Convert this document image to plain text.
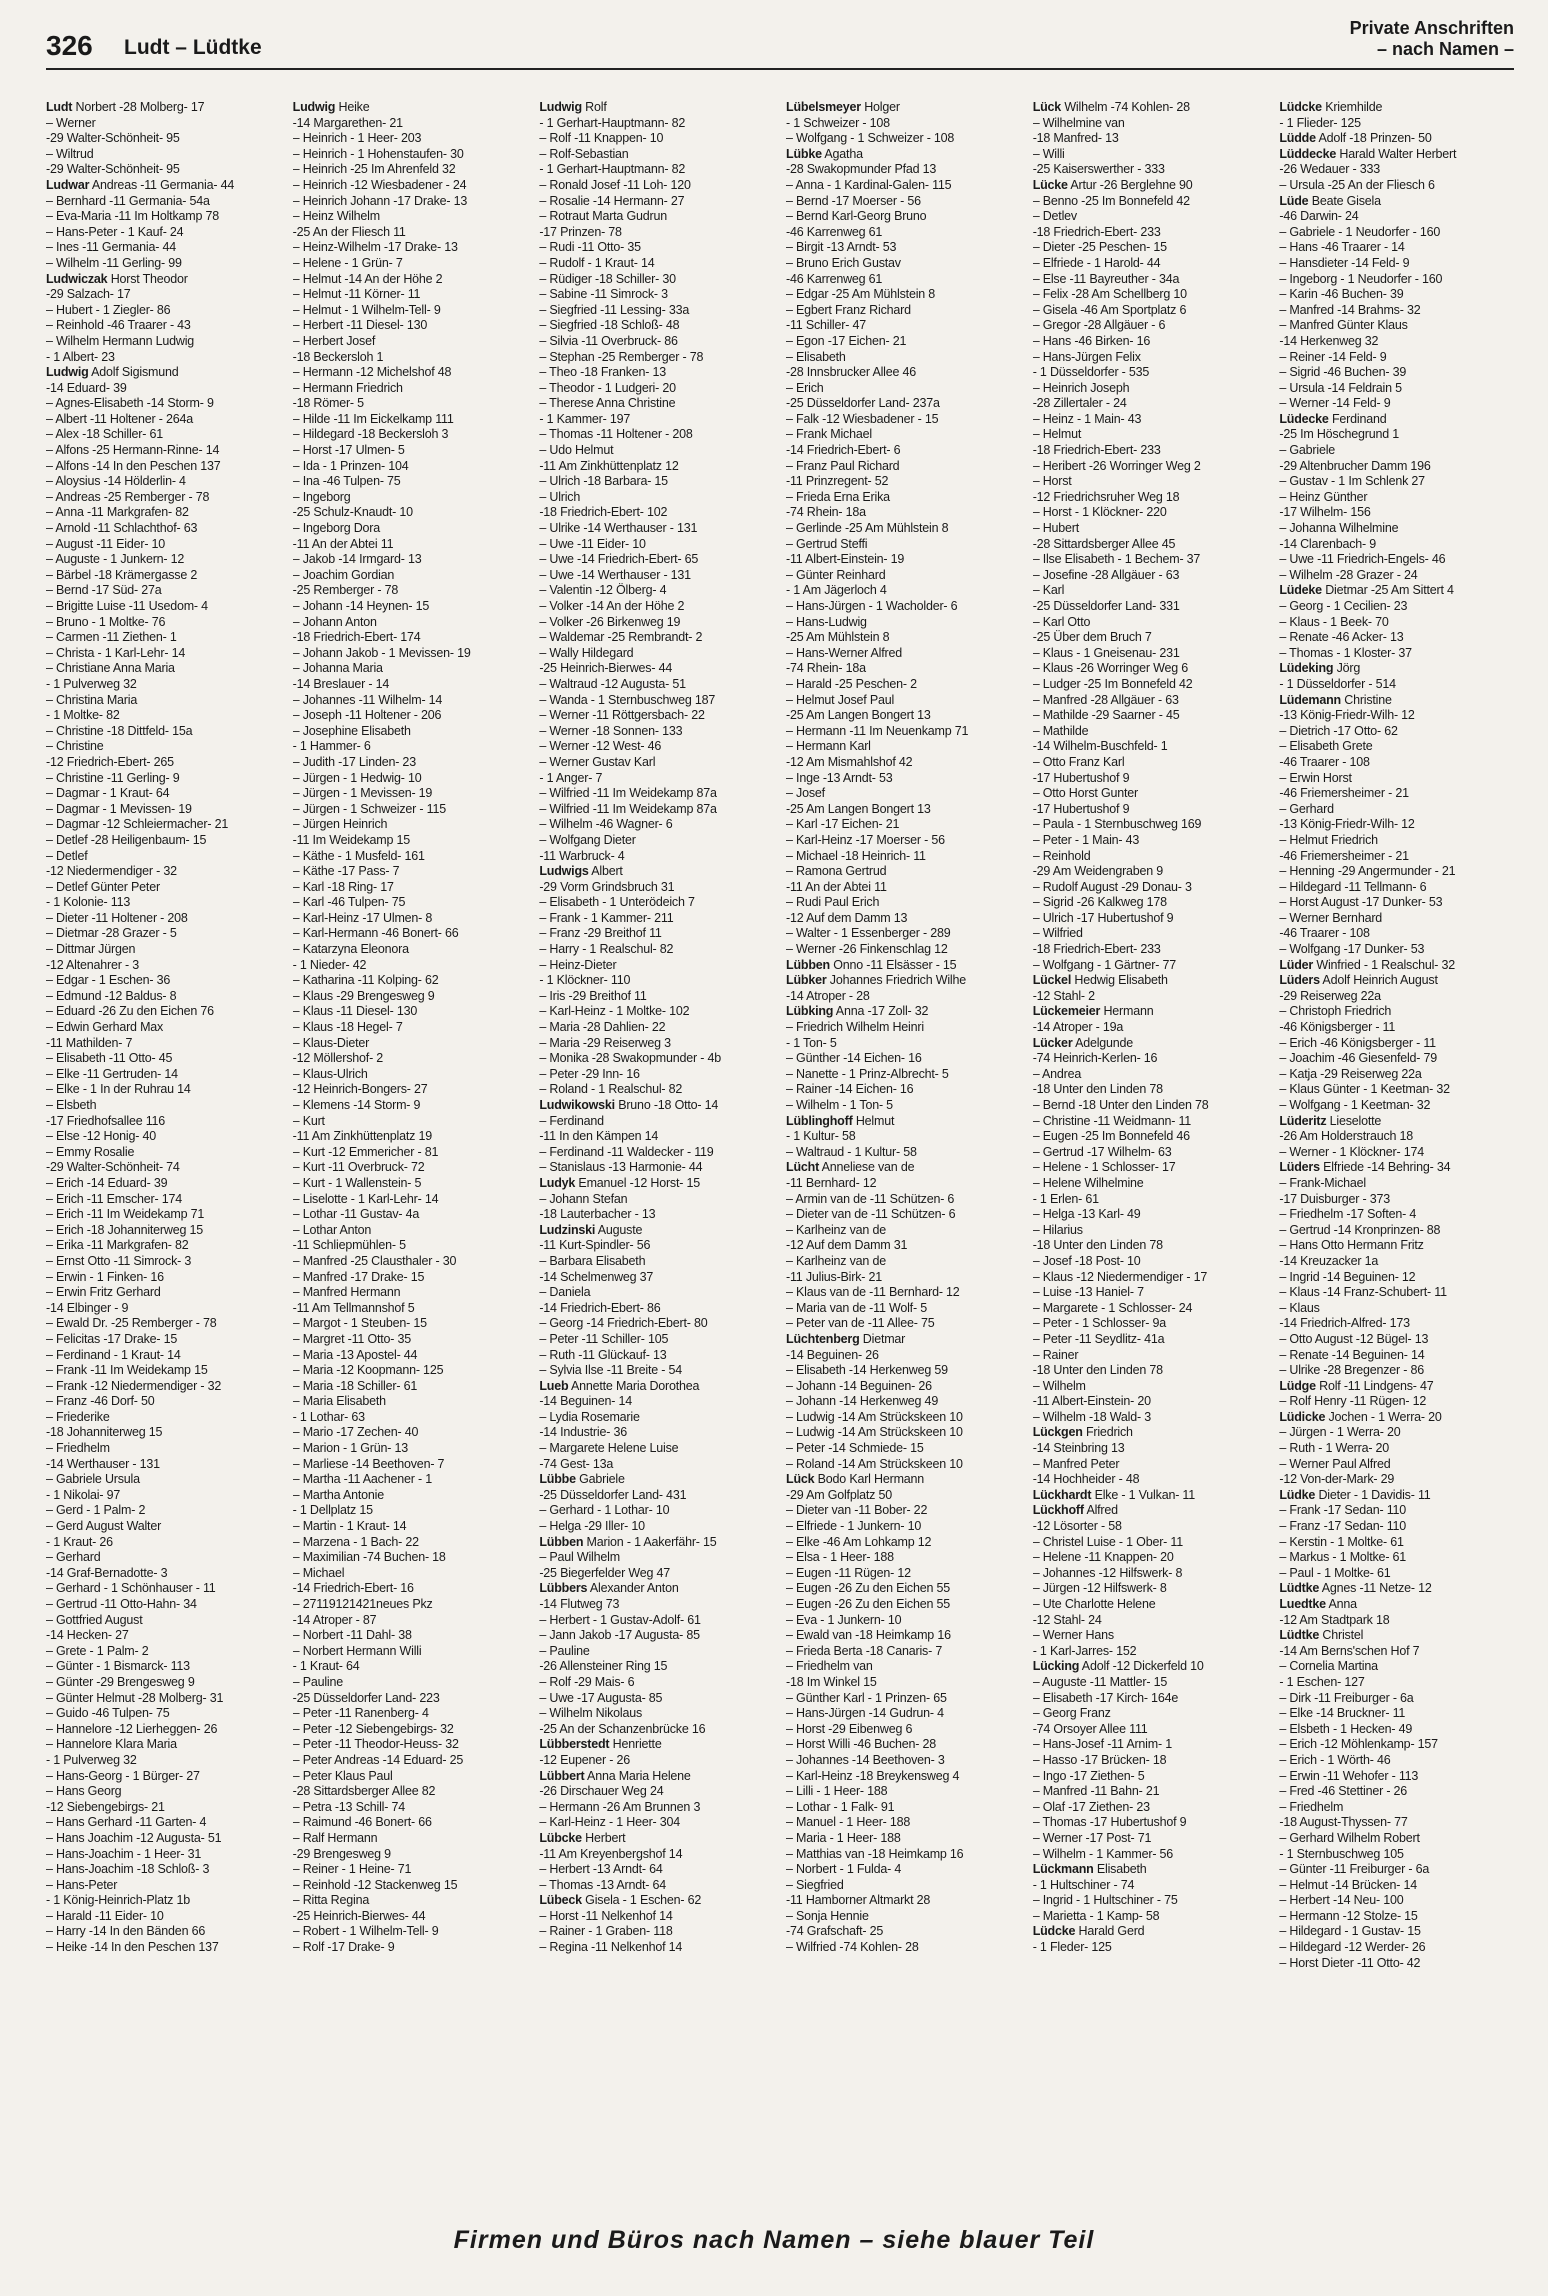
326 Ludt – Lüdtke
Private Anschriften
– nach Namen –
Ludt Norbert -28 Molberg- 17
– Werner
-29 Walter-Schönheit- 95
– Wiltrud
-29 Walter-Schönheit- 95
Ludwar Andreas -11 Germania- 44
– Bernhard -11 Germania- 54a
– Eva-Maria -11 Im Holtkamp 78
– Hans-Peter - 1 Kauf- 24
– Ines -11 Germania- 44
– Wilhelm -11 Gerling- 99
Ludwiczak Horst Theodor
-29 Salzach- 17
– Hubert - 1 Ziegler- 86
– Reinhold -46 Traarer - 43
– Wilhelm Hermann Ludwig
- 1 Albert- 23
Ludwig Adolf Sigismund
-14 Eduard- 39
– Agnes-Elisabeth -14 Storm- 9
– Albert -11 Holtener - 264a
– Alex -18 Schiller- 61
– Alfons -25 Hermann-Rinne- 14
– Alfons -14 In den Peschen 137
– Aloysius -14 Hölderlin- 4
– Andreas -25 Remberger - 78
– Anna -11 Markgrafen- 82
– Arnold -11 Schlachthof- 63
– August -11 Eider- 10
– Auguste - 1 Junkern- 12
– Bärbel -18 Krämergasse 2
– Bernd -17 Süd- 27a
– Brigitte Luise -11 Usedom- 4
– Bruno - 1 Moltke- 76
– Carmen -11 Ziethen- 1
– Christa - 1 Karl-Lehr- 14
– Christiane Anna Maria
- 1 Pulverweg 32
– Christina Maria
- 1 Moltke- 82
– Christine -18 Dittfeld- 15a
– Christine
-12 Friedrich-Ebert- 265
– Christine -11 Gerling- 9
– Dagmar - 1 Kraut- 64
– Dagmar - 1 Mevissen- 19
– Dagmar -12 Schleiermacher- 21
– Detlef -28 Heiligenbaum- 15
– Detlef
-12 Niedermendiger - 32
– Detlef Günter Peter
- 1 Kolonie- 113
– Dieter -11 Holtener - 208
– Dietmar -28 Grazer - 5
– Dittmar Jürgen
-12 Altenahrer - 3
– Edgar - 1 Eschen- 36
– Edmund -12 Baldus- 8
– Eduard -26 Zu den Eichen 76
– Edwin Gerhard Max
-11 Mathilden- 7
– Elisabeth -11 Otto- 45
– Elke -11 Gertruden- 14
– Elke - 1 In der Ruhrau 14
– Elsbeth
-17 Friedhofsallee 116
– Else -12 Honig- 40
– Emmy Rosalie
-29 Walter-Schönheit- 74
– Erich -14 Eduard- 39
– Erich -11 Emscher- 174
– Erich -11 Im Weidekamp 71
– Erich -18 Johanniterweg 15
– Erika -11 Markgrafen- 82
– Ernst Otto -11 Simrock- 3
– Erwin - 1 Finken- 16
– Erwin Fritz Gerhard
-14 Elbinger - 9
– Ewald Dr. -25 Remberger - 78
– Felicitas -17 Drake- 15
– Ferdinand - 1 Kraut- 14
– Frank -11 Im Weidekamp 15
– Frank -12 Niedermendiger - 32
– Franz -46 Dorf- 50
– Friederike
-18 Johanniterweg 15
– Friedhelm
-14 Werthauser - 131
– Gabriele Ursula
- 1 Nikolai- 97
– Gerd - 1 Palm- 2
– Gerd August Walter
- 1 Kraut- 26
– Gerhard
-14 Graf-Bernadotte- 3
– Gerhard - 1 Schönhauser - 11
– Gertrud -11 Otto-Hahn- 34
– Gottfried August
-14 Hecken- 27
– Grete - 1 Palm- 2
– Günter - 1 Bismarck- 113
– Günter -29 Brengesweg 9
– Günter Helmut -28 Molberg- 31
– Guido -46 Tulpen- 75
– Hannelore -12 Lierheggen- 26
– Hannelore Klara Maria
- 1 Pulverweg 32
– Hans-Georg - 1 Bürger- 27
– Hans Georg
-12 Siebengebirgs- 21
– Hans Gerhard -11 Garten- 4
– Hans Joachim -12 Augusta- 51
– Hans-Joachim - 1 Heer- 31
– Hans-Joachim -18 Schloß- 3
– Hans-Peter
- 1 König-Heinrich-Platz 1b
– Harald -11 Eider- 10
– Harry -14 In den Bänden 66
– Heike -14 In den Peschen 137
Ludwig Heike
-14 Margarethen- 21
– Heinrich - 1 Heer- 203
– Heinrich - 1 Hohenstaufen- 30
– Heinrich -25 Im Ahrenfeld 32
– Heinrich -12 Wiesbadener - 24
– Heinrich Johann -17 Drake- 13
– Heinz Wilhelm
-25 An der Fliesch 11
– Heinz-Wilhelm -17 Drake- 13
– Helene - 1 Grün- 7
– Helmut -14 An der Höhe 2
– Helmut -11 Körner- 11
– Helmut - 1 Wilhelm-Tell- 9
– Herbert -11 Diesel- 130
– Herbert Josef
-18 Beckersloh 1
– Hermann -12 Michelshof 48
– Hermann Friedrich
-18 Römer- 5
– Hilde -11 Im Eickelkamp 111
– Hildegard -18 Beckersloh 3
– Horst -17 Ulmen- 5
– Ida - 1 Prinzen- 104
– Ina -46 Tulpen- 75
– Ingeborg
-25 Schulz-Knaudt- 10
– Ingeborg Dora
-11 An der Abtei 11
– Jakob -14 Irmgard- 13
– Joachim Gordian
-25 Remberger - 78
– Johann -14 Heynen- 15
– Johann Anton
-18 Friedrich-Ebert- 174
– Johann Jakob - 1 Mevissen- 19
– Johanna Maria
-14 Breslauer - 14
– Johannes -11 Wilhelm- 14
– Joseph -11 Holtener - 206
– Josephine Elisabeth
- 1 Hammer- 6
– Judith -17 Linden- 23
– Jürgen - 1 Hedwig- 10
– Jürgen - 1 Mevissen- 19
– Jürgen - 1 Schweizer - 115
– Jürgen Heinrich
-11 Im Weidekamp 15
– Käthe - 1 Musfeld- 161
– Käthe -17 Pass- 7
– Karl -18 Ring- 17
– Karl -46 Tulpen- 75
– Karl-Heinz -17 Ulmen- 8
– Karl-Hermann -46 Bonert- 66
– Katarzyna Eleonora
- 1 Nieder- 42
– Katharina -11 Kolping- 62
– Klaus -29 Brengesweg 9
– Klaus -11 Diesel- 130
– Klaus -18 Hegel- 7
– Klaus-Dieter
-12 Möllershof- 2
– Klaus-Ulrich
-12 Heinrich-Bongers- 27
– Klemens -14 Storm- 9
– Kurt
-11 Am Zinkhüttenplatz 19
– Kurt -12 Emmericher - 81
– Kurt -11 Overbruck- 72
– Kurt - 1 Wallenstein- 5
– Liselotte - 1 Karl-Lehr- 14
– Lothar -11 Gustav- 4a
– Lothar Anton
-11 Schliepmühlen- 5
– Manfred -25 Clausthaler - 30
– Manfred -17 Drake- 15
– Manfred Hermann
-11 Am Tellmannshof 5
– Margot - 1 Steuben- 15
– Margret -11 Otto- 35
– Maria -13 Apostel- 44
– Maria -12 Koopmann- 125
– Maria -18 Schiller- 61
– Maria Elisabeth
- 1 Lothar- 63
– Mario -17 Zechen- 40
– Marion - 1 Grün- 13
– Marliese -14 Beethoven- 7
– Martha -11 Aachener - 1
– Martha Antonie
- 1 Dellplatz 15
– Martin - 1 Kraut- 14
– Marzena - 1 Bach- 22
– Maximilian -74 Buchen- 18
– Michael
-14 Friedrich-Ebert- 16
– 27119121421neues Pkz
-14 Atroper - 87
– Norbert -11 Dahl- 38
– Norbert Hermann Willi
- 1 Kraut- 64
– Pauline
-25 Düsseldorfer Land- 223
– Peter -11 Ranenberg- 4
– Peter -12 Siebengebirgs- 32
– Peter -11 Theodor-Heuss- 32
– Peter Andreas -14 Eduard- 25
– Peter Klaus Paul
-28 Sittardsberger Allee 82
– Petra -13 Schill- 74
– Raimund -46 Bonert- 66
– Ralf Hermann
-29 Brengesweg 9
– Reiner - 1 Heine- 71
– Reinhold -12 Stackenweg 15
– Ritta Regina
-25 Heinrich-Bierwes- 44
– Robert - 1 Wilhelm-Tell- 9
– Rolf -17 Drake- 9
Ludwig Rolf
- 1 Gerhart-Hauptmann- 82
– Rolf -11 Knappen- 10
– Rolf-Sebastian
- 1 Gerhart-Hauptmann- 82
– Ronald Josef -11 Loh- 120
– Rosalie -14 Hermann- 27
– Rotraut Marta Gudrun
-17 Prinzen- 78
– Rudi -11 Otto- 35
– Rudolf - 1 Kraut- 14
– Rüdiger -18 Schiller- 30
– Sabine -11 Simrock- 3
– Siegfried -11 Lessing- 33a
– Siegfried -18 Schloß- 48
– Silvia -11 Overbruck- 86
– Stephan -25 Remberger - 78
– Theo -18 Franken- 13
– Theodor - 1 Ludgeri- 20
– Therese Anna Christine
- 1 Kammer- 197
– Thomas -11 Holtener - 208
– Udo Helmut
-11 Am Zinkhüttenplatz 12
– Ulrich -18 Barbara- 15
– Ulrich
-18 Friedrich-Ebert- 102
– Ulrike -14 Werthauser - 131
– Uwe -11 Eider- 10
– Uwe -14 Friedrich-Ebert- 65
– Uwe -14 Werthauser - 131
– Valentin -12 Ölberg- 4
– Volker -14 An der Höhe 2
– Volker -26 Birkenweg 19
– Waldemar -25 Rembrandt- 2
– Wally Hildegard
-25 Heinrich-Bierwes- 44
– Waltraud -12 Augusta- 51
– Wanda - 1 Sternbuschweg 187
– Werner -11 Röttgersbach- 22
– Werner -18 Sonnen- 133
– Werner -12 West- 46
– Werner Gustav Karl
- 1 Anger- 7
– Wilfried -11 Im Weidekamp 87a
– Wilfried -11 Im Weidekamp 87a
– Wilhelm -46 Wagner- 6
– Wolfgang Dieter
-11 Warbruck- 4
Ludwigs Albert
-29 Vorm Grindsbruch 31
– Elisabeth - 1 Unterödeich 7
– Frank - 1 Kammer- 211
– Franz -29 Breithof 11
– Harry - 1 Realschul- 82
– Heinz-Dieter
- 1 Klöckner- 110
– Iris -29 Breithof 11
– Karl-Heinz - 1 Moltke- 102
– Maria -28 Dahlien- 22
– Maria -29 Reiserweg 3
– Monika -28 Swakopmunder - 4b
– Peter -29 Inn- 16
– Roland - 1 Realschul- 82
Ludwikowski Bruno -18 Otto- 14
– Ferdinand
-11 In den Kämpen 14
– Ferdinand -11 Waldecker - 119
– Stanislaus -13 Harmonie- 44
Ludyk Emanuel -12 Horst- 15
– Johann Stefan
-18 Lauterbacher - 13
Ludzinski Auguste
-11 Kurt-Spindler- 56
– Barbara Elisabeth
-14 Schelmenweg 37
– Daniela
-14 Friedrich-Ebert- 86
– Georg -14 Friedrich-Ebert- 80
– Peter -11 Schiller- 105
– Ruth -11 Glückauf- 13
– Sylvia Ilse -11 Breite - 54
Lueb Annette Maria Dorothea
-14 Beguinen- 14
– Lydia Rosemarie
-14 Industrie- 36
– Margarete Helene Luise
-74 Gest- 13a
Lübbe Gabriele
-25 Düsseldorfer Land- 431
– Gerhard - 1 Lothar- 10
– Helga -29 Iller- 10
Lübben Marion - 1 Aakerfähr- 15
– Paul Wilhelm
-25 Biegerfelder Weg 47
Lübbers Alexander Anton
-14 Flutweg 73
– Herbert - 1 Gustav-Adolf- 61
– Jann Jakob -17 Augusta- 85
– Pauline
-26 Allensteiner Ring 15
– Rolf -29 Mais- 6
– Uwe -17 Augusta- 85
– Wilhelm Nikolaus
-25 An der Schanzenbrücke 16
Lübberstedt Henriette
-12 Eupener - 26
Lübbert Anna Maria Helene
-26 Dirschauer Weg 24
– Hermann -26 Am Brunnen 3
– Karl-Heinz - 1 Heer- 304
Lübcke Herbert
-11 Am Kreyenbergshof 14
– Herbert -13 Arndt- 64
– Thomas -13 Arndt- 64
Lübeck Gisela - 1 Eschen- 62
– Horst -11 Nelkenhof 14
– Rainer - 1 Graben- 118
– Regina -11 Nelkenhof 14
Lübelsmeyer Holger
- 1 Schweizer - 108
– Wolfgang - 1 Schweizer - 108
Lübke Agatha
-28 Swakopmunder Pfad 13
– Anna - 1 Kardinal-Galen- 115
– Bernd -17 Moerser - 56
– Bernd Karl-Georg Bruno
-46 Karrenweg 61
– Birgit -13 Arndt- 53
– Bruno Erich Gustav
-46 Karrenweg 61
– Edgar -25 Am Mühlstein 8
– Egbert Franz Richard
-11 Schiller- 47
– Egon -17 Eichen- 21
– Elisabeth
-28 Innsbrucker Allee 46
– Erich
-25 Düsseldorfer Land- 237a
– Falk -12 Wiesbadener - 15
– Frank Michael
-14 Friedrich-Ebert- 6
– Franz Paul Richard
-11 Prinzregent- 52
– Frieda Erna Erika
-74 Rhein- 18a
– Gerlinde -25 Am Mühlstein 8
– Gertrud Steffi
-11 Albert-Einstein- 19
– Günter Reinhard
- 1 Am Jägerloch 4
– Hans-Jürgen - 1 Wacholder- 6
– Hans-Ludwig
-25 Am Mühlstein 8
– Hans-Werner Alfred
-74 Rhein- 18a
– Harald -25 Peschen- 2
– Helmut Josef Paul
-25 Am Langen Bongert 13
– Hermann -11 Im Neuenkamp 71
– Hermann Karl
-12 Am Mismahlshof 42
– Inge -13 Arndt- 53
– Josef
-25 Am Langen Bongert 13
– Karl -17 Eichen- 21
– Karl-Heinz -17 Moerser - 56
– Michael -18 Heinrich- 11
– Ramona Gertrud
-11 An der Abtei 11
– Rudi Paul Erich
-12 Auf dem Damm 13
– Walter - 1 Essenberger - 289
– Werner -26 Finkenschlag 12
Lübben Onno -11 Elsässer - 15
Lübker Johannes Friedrich Wilhe
-14 Atroper - 28
Lübking Anna -17 Zoll- 32
– Friedrich Wilhelm Heinri
- 1 Ton- 5
– Günther -14 Eichen- 16
– Nanette - 1 Prinz-Albrecht- 5
– Rainer -14 Eichen- 16
– Wilhelm - 1 Ton- 5
Lüblinghoff Helmut
- 1 Kultur- 58
– Waltraud - 1 Kultur- 58
Lücht Anneliese van de
-11 Bernhard- 12
– Armin van de -11 Schützen- 6
– Dieter van de -11 Schützen- 6
– Karlheinz van de
-12 Auf dem Damm 31
– Karlheinz van de
-11 Julius-Birk- 21
– Klaus van de -11 Bernhard- 12
– Maria van de -11 Wolf- 5
– Peter van de -11 Allee- 75
Lüchtenberg Dietmar
-14 Beguinen- 26
– Elisabeth -14 Herkenweg 59
– Johann -14 Beguinen- 26
– Johann -14 Herkenweg 49
– Ludwig -14 Am Strückskeen 10
– Ludwig -14 Am Strückskeen 10
– Peter -14 Schmiede- 15
– Roland -14 Am Strückskeen 10
Lück Bodo Karl Hermann
-29 Am Golfplatz 50
– Dieter van -11 Bober- 22
– Elfriede - 1 Junkern- 10
– Elke -46 Am Lohkamp 12
– Elsa - 1 Heer- 188
– Eugen -11 Rügen- 12
– Eugen -26 Zu den Eichen 55
– Eugen -26 Zu den Eichen 55
– Eva - 1 Junkern- 10
– Ewald van -18 Heimkamp 16
– Frieda Berta -18 Canaris- 7
– Friedhelm van
-18 Im Winkel 15
– Günther Karl - 1 Prinzen- 65
– Hans-Jürgen -14 Gudrun- 4
– Horst -29 Eibenweg 6
– Horst Willi -46 Buchen- 28
– Johannes -14 Beethoven- 3
– Karl-Heinz -18 Breykensweg 4
– Lilli - 1 Heer- 188
– Lothar - 1 Falk- 91
– Manuel - 1 Heer- 188
– Maria - 1 Heer- 188
– Matthias van -18 Heimkamp 16
– Norbert - 1 Fulda- 4
– Siegfried
-11 Hamborner Altmarkt 28
– Sonja Hennie
-74 Grafschaft- 25
– Wilfried -74 Kohlen- 28
Lück Wilhelm -74 Kohlen- 28
– Wilhelmine van
-18 Manfred- 13
– Willi
-25 Kaiserswerther - 333
Lücke Artur -26 Berglehne 90
– Benno -25 Im Bonnefeld 42
– Detlev
-18 Friedrich-Ebert- 233
– Dieter -25 Peschen- 15
– Elfriede - 1 Harold- 44
– Else -11 Bayreuther - 34a
– Felix -28 Am Schellberg 10
– Gisela -46 Am Sportplatz 6
– Gregor -28 Allgäuer - 6
– Hans -46 Birken- 16
– Hans-Jürgen Felix
- 1 Düsseldorfer - 535
– Heinrich Joseph
-28 Zillertaler - 24
– Heinz - 1 Main- 43
– Helmut
-18 Friedrich-Ebert- 233
– Heribert -26 Worringer Weg 2
– Horst
-12 Friedrichsruher Weg 18
– Horst - 1 Klöckner- 220
– Hubert
-28 Sittardsberger Allee 45
– Ilse Elisabeth - 1 Bechem- 37
– Josefine -28 Allgäuer - 63
– Karl
-25 Düsseldorfer Land- 331
– Karl Otto
-25 Über dem Bruch 7
– Klaus - 1 Gneisenau- 231
– Klaus -26 Worringer Weg 6
– Ludger -25 Im Bonnefeld 42
– Manfred -28 Allgäuer - 63
– Mathilde -29 Saarner - 45
– Mathilde
-14 Wilhelm-Buschfeld- 1
– Otto Franz Karl
-17 Hubertushof 9
– Otto Horst Gunter
-17 Hubertushof 9
– Paula - 1 Sternbuschweg 169
– Peter - 1 Main- 43
– Reinhold
-29 Am Weidengraben 9
– Rudolf August -29 Donau- 3
– Sigrid -26 Kalkweg 178
– Ulrich -17 Hubertushof 9
– Wilfried
-18 Friedrich-Ebert- 233
– Wolfgang - 1 Gärtner- 77
Lückel Hedwig Elisabeth
-12 Stahl- 2
Lückemeier Hermann
-14 Atroper - 19a
Lücker Adelgunde
-74 Heinrich-Kerlen- 16
– Andrea
-18 Unter den Linden 78
– Bernd -18 Unter den Linden 78
– Christine -11 Weidmann- 11
– Eugen -25 Im Bonnefeld 46
– Gertrud -17 Wilhelm- 63
– Helene - 1 Schlosser- 17
– Helene Wilhelmine
- 1 Erlen- 61
– Helga -13 Karl- 49
– Hilarius
-18 Unter den Linden 78
– Josef -18 Post- 10
– Klaus -12 Niedermendiger - 17
– Luise -13 Haniel- 7
– Margarete - 1 Schlosser- 24
– Peter - 1 Schlosser- 9a
– Peter -11 Seydlitz- 41a
– Rainer
-18 Unter den Linden 78
– Wilhelm
-11 Albert-Einstein- 20
– Wilhelm -18 Wald- 3
Lückgen Friedrich
-14 Steinbring 13
– Manfred Peter
-14 Hochheider - 48
Lückhardt Elke - 1 Vulkan- 11
Lückhoff Alfred
-12 Lösorter - 58
– Christel Luise - 1 Ober- 11
– Helene -11 Knappen- 20
– Johannes -12 Hilfswerk- 8
– Jürgen -12 Hilfswerk- 8
– Ute Charlotte Helene
-12 Stahl- 24
– Werner Hans
- 1 Karl-Jarres- 152
Lücking Adolf -12 Dickerfeld 10
– Auguste -11 Mattler- 15
– Elisabeth -17 Kirch- 164e
– Georg Franz
-74 Orsoyer Allee 111
– Hans-Josef -11 Arnim- 1
– Hasso -17 Brücken- 18
– Ingo -17 Ziethen- 5
– Manfred -11 Bahn- 21
– Olaf -17 Ziethen- 23
– Thomas -17 Hubertushof 9
– Werner -17 Post- 71
– Wilhelm - 1 Kammer- 56
Lückmann Elisabeth
- 1 Hultschiner - 74
– Ingrid - 1 Hultschiner - 75
– Marietta - 1 Kamp- 58
Lüdcke Harald Gerd
- 1 Fleder- 125
Lüdcke Kriemhilde
- 1 Flieder- 125
Lüdde Adolf -18 Prinzen- 50
Lüddecke Harald Walter Herbert
-26 Wedauer - 333
– Ursula -25 An der Fliesch 6
Lüde Beate Gisela
-46 Darwin- 24
– Gabriele - 1 Neudorfer - 160
– Hans -46 Traarer - 14
– Hansdieter -14 Feld- 9
– Ingeborg - 1 Neudorfer - 160
– Karin -46 Buchen- 39
– Manfred -14 Brahms- 32
– Manfred Günter Klaus
-14 Herkenweg 32
– Reiner -14 Feld- 9
– Sigrid -46 Buchen- 39
– Ursula -14 Feldrain 5
– Werner -14 Feld- 9
Lüdecke Ferdinand
-25 Im Höschegrund 1
– Gabriele
-29 Altenbrucher Damm 196
– Gustav - 1 Im Schlenk 27
– Heinz Günther
-17 Wilhelm- 156
– Johanna Wilhelmine
-14 Clarenbach- 9
– Uwe -11 Friedrich-Engels- 46
– Wilhelm -28 Grazer - 24
Lüdeke Dietmar -25 Am Sittert 4
– Georg - 1 Cecilien- 23
– Klaus - 1 Beek- 70
– Renate -46 Acker- 13
– Thomas - 1 Kloster- 37
Lüdeking Jörg
- 1 Düsseldorfer - 514
Lüdemann Christine
-13 König-Friedr-Wilh- 12
– Dietrich -17 Otto- 62
– Elisabeth Grete
-46 Traarer - 108
– Erwin Horst
-46 Friemersheimer - 21
– Gerhard
-13 König-Friedr-Wilh- 12
– Helmut Friedrich
-46 Friemersheimer - 21
– Henning -29 Angermunder - 21
– Hildegard -11 Tellmann- 6
– Horst August -17 Dunker- 53
– Werner Bernhard
-46 Traarer - 108
– Wolfgang -17 Dunker- 53
Lüder Winfried - 1 Realschul- 32
Lüders Adolf Heinrich August
-29 Reiserweg 22a
– Christoph Friedrich
-46 Königsberger - 11
– Erich -46 Königsberger - 11
– Joachim -46 Giesenfeld- 79
– Katja -29 Reiserweg 22a
– Klaus Günter - 1 Keetman- 32
– Wolfgang - 1 Keetman- 32
Lüderitz Lieselotte
-26 Am Holderstrauch 18
– Werner - 1 Klöckner- 174
Lüders Elfriede -14 Behring- 34
– Frank-Michael
-17 Duisburger - 373
– Friedhelm -17 Soften- 4
– Gertrud -14 Kronprinzen- 88
– Hans Otto Hermann Fritz
-14 Kreuzacker 1a
– Ingrid -14 Beguinen- 12
– Klaus -14 Franz-Schubert- 11
– Klaus
-14 Friedrich-Alfred- 173
– Otto August -12 Bügel- 13
– Renate -14 Beguinen- 14
– Ulrike -28 Bregenzer - 86
Lüdge Rolf -11 Lindgens- 47
– Rolf Henry -11 Rügen- 12
Lüdicke Jochen - 1 Werra- 20
– Jürgen - 1 Werra- 20
– Ruth - 1 Werra- 20
– Werner Paul Alfred
-12 Von-der-Mark- 29
Lüdke Dieter - 1 Davidis- 11
– Frank -17 Sedan- 110
– Franz -17 Sedan- 110
– Kerstin - 1 Moltke- 61
– Markus - 1 Moltke- 61
– Paul - 1 Moltke- 61
Lüdtke Agnes -11 Netze- 12
Luedtke Anna
-12 Am Stadtpark 18
Lüdtke Christel
-14 Am Berns'schen Hof 7
– Cornelia Martina
- 1 Eschen- 127
– Dirk -11 Freiburger - 6a
– Elke -14 Bruckner- 11
– Elsbeth - 1 Hecken- 49
– Erich -12 Möhlenkamp- 157
– Erich - 1 Wörth- 46
– Erwin -11 Wehofer - 113
– Fred -46 Stettiner - 26
– Friedhelm
-18 August-Thyssen- 77
– Gerhard Wilhelm Robert
- 1 Sternbuschweg 105
– Günter -11 Freiburger - 6a
– Helmut -14 Brücken- 14
– Herbert -14 Neu- 100
– Hermann -12 Stolze- 15
– Hildegard - 1 Gustav- 15
– Hildegard -12 Werder- 26
– Horst Dieter -11 Otto- 42
Firmen und Büros nach Namen – siehe blauer Teil
